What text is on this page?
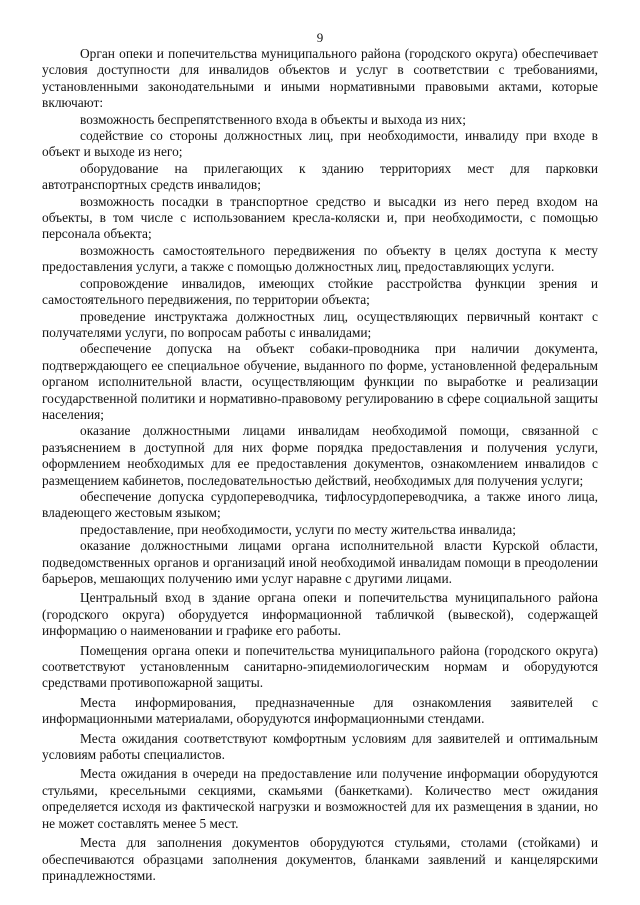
9

Орган опеки и попечительства муниципального района (городского округа) обеспечивает условия доступности для инвалидов объектов и услуг в соответствии с требованиями, установленными законодательными и иными нормативными правовыми актами, которые включают:

возможность беспрепятственного входа в объекты и выхода из них;

содействие со стороны должностных лиц, при необходимости, инвалиду при входе в объект и выходе из него;

оборудование на прилегающих к зданию территориях мест для парковки автотранспортных средств инвалидов;

возможность посадки в транспортное средство и высадки из него перед входом на объекты, в том числе с использованием кресла-коляски и, при необходимости, с помощью персонала объекта;

возможность самостоятельного передвижения по объекту в целях доступа к месту предоставления услуги, а также с помощью должностных лиц, предоставляющих услуги.

сопровождение инвалидов, имеющих стойкие расстройства функции зрения и самостоятельного передвижения, по территории объекта;

проведение инструктажа должностных лиц, осуществляющих первичный контакт с получателями услуги, по вопросам работы с инвалидами;

обеспечение допуска на объект собаки-проводника при наличии документа, подтверждающего ее специальное обучение, выданного по форме, установленной федеральным органом исполнительной власти, осуществляющим функции по выработке и реализации государственной политики и нормативно-правовому регулированию в сфере социальной защиты населения;

оказание должностными лицами инвалидам необходимой помощи, связанной с разъяснением в доступной для них форме порядка предоставления и получения услуги, оформлением необходимых для ее предоставления документов, ознакомлением инвалидов с размещением кабинетов, последовательностью действий, необходимых для получения услуги;

обеспечение допуска сурдопереводчика, тифлосурдопереводчика, а также иного лица, владеющего жестовым языком;

предоставление, при необходимости, услуги по месту жительства инвалида;

оказание должностными лицами органа исполнительной власти Курской области, подведомственных органов и организаций иной необходимой инвалидам помощи в преодолении барьеров, мешающих получению ими услуг наравне с другими лицами.

Центральный вход в здание органа опеки и попечительства муниципального района (городского округа) оборудуется информационной табличкой (вывеской), содержащей информацию о наименовании и графике его работы.

Помещения органа опеки и попечительства муниципального района (городского округа) соответствуют установленным санитарно-эпидемиологическим нормам и оборудуются средствами противопожарной защиты.

Места информирования, предназначенные для ознакомления заявителей с информационными материалами, оборудуются информационными стендами.

Места ожидания соответствуют комфортным условиям для заявителей и оптимальным условиям работы специалистов.

Места ожидания в очереди на предоставление или получение информации оборудуются стульями, кресельными секциями, скамьями (банкетками). Количество мест ожидания определяется исходя из фактической нагрузки и возможностей для их размещения в здании, но не может составлять менее 5 мест.

Места для заполнения документов оборудуются стульями, столами (стойками) и обеспечиваются образцами заполнения документов, бланками заявлений и канцелярскими принадлежностями.
